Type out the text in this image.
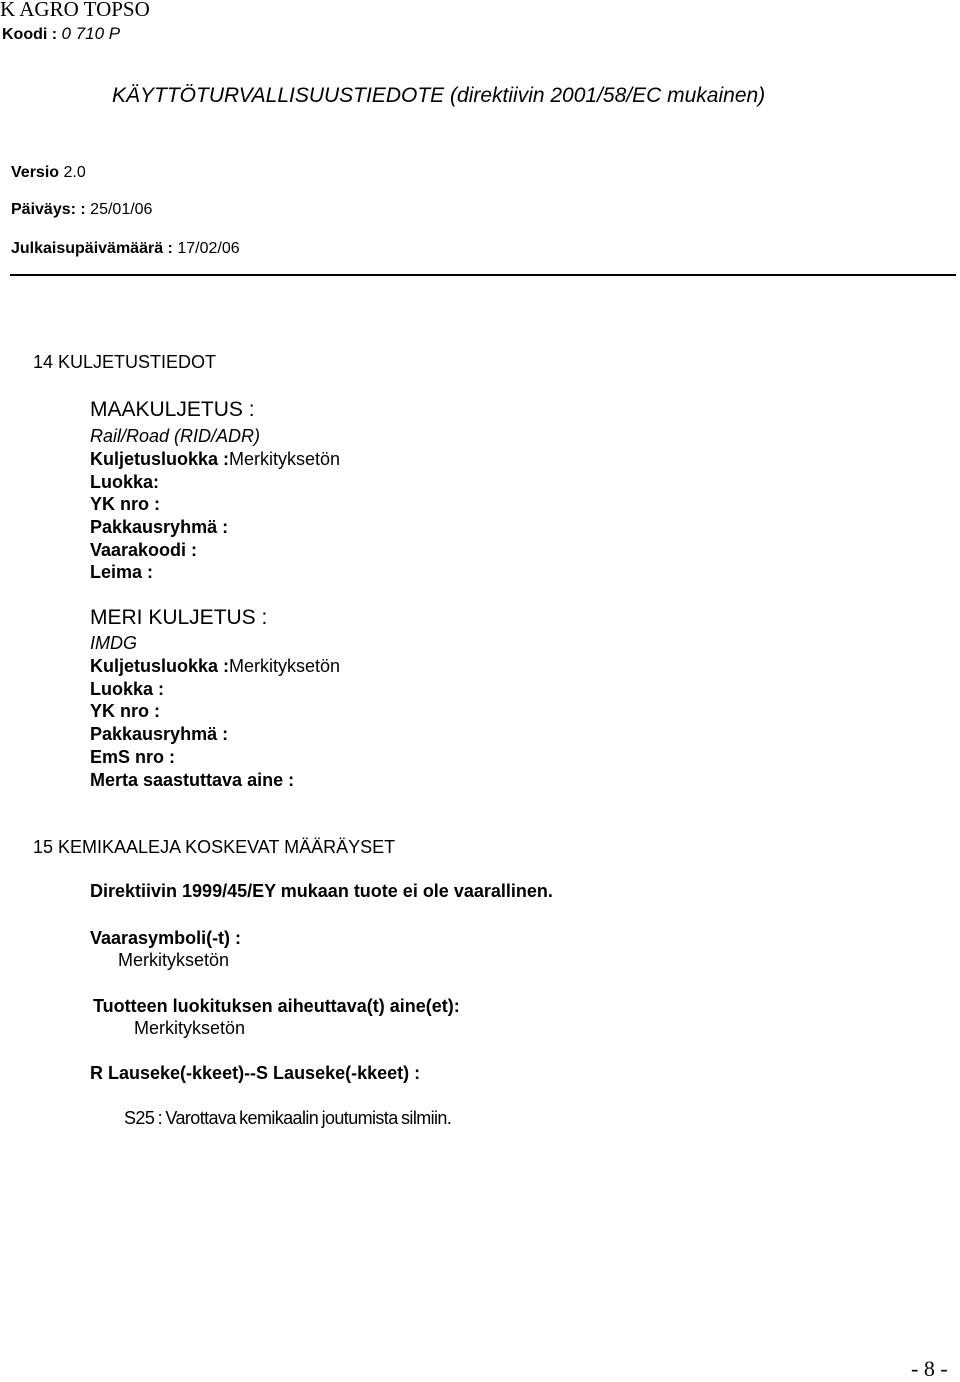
K AGRO TOPSO
Koodi : 0 710 P
KÄYTTÖTURVALLISUUSTIEDOTE (direktiivin 2001/58/EC mukainen)
Versio 2.0
Päiväys: : 25/01/06
Julkaisupäivämäärä : 17/02/06
14 KULJETUSTIEDOT
MAAKULJETUS :
Rail/Road (RID/ADR)
Kuljetusluokka :Merkityksetön
Luokka:
YK nro :
Pakkausryhmä :
Vaarakoodi :
Leima :
MERI KULJETUS :
IMDG
Kuljetusluokka :Merkityksetön
Luokka :
YK nro :
Pakkausryhmä :
EmS nro :
Merta saastuttava aine :
15 KEMIKAALEJA KOSKEVAT MÄÄRÄYSET
Direktiivin 1999/45/EY mukaan tuote ei ole vaarallinen.
Vaarasymboli(-t) :
Merkityksetön
Tuotteen luokituksen aiheuttava(t) aine(et):
Merkityksetön
R Lauseke(-kkeet)--S Lauseke(-kkeet) :
S25 : Varottava kemikaalin joutumista silmiin.
- 8 -
